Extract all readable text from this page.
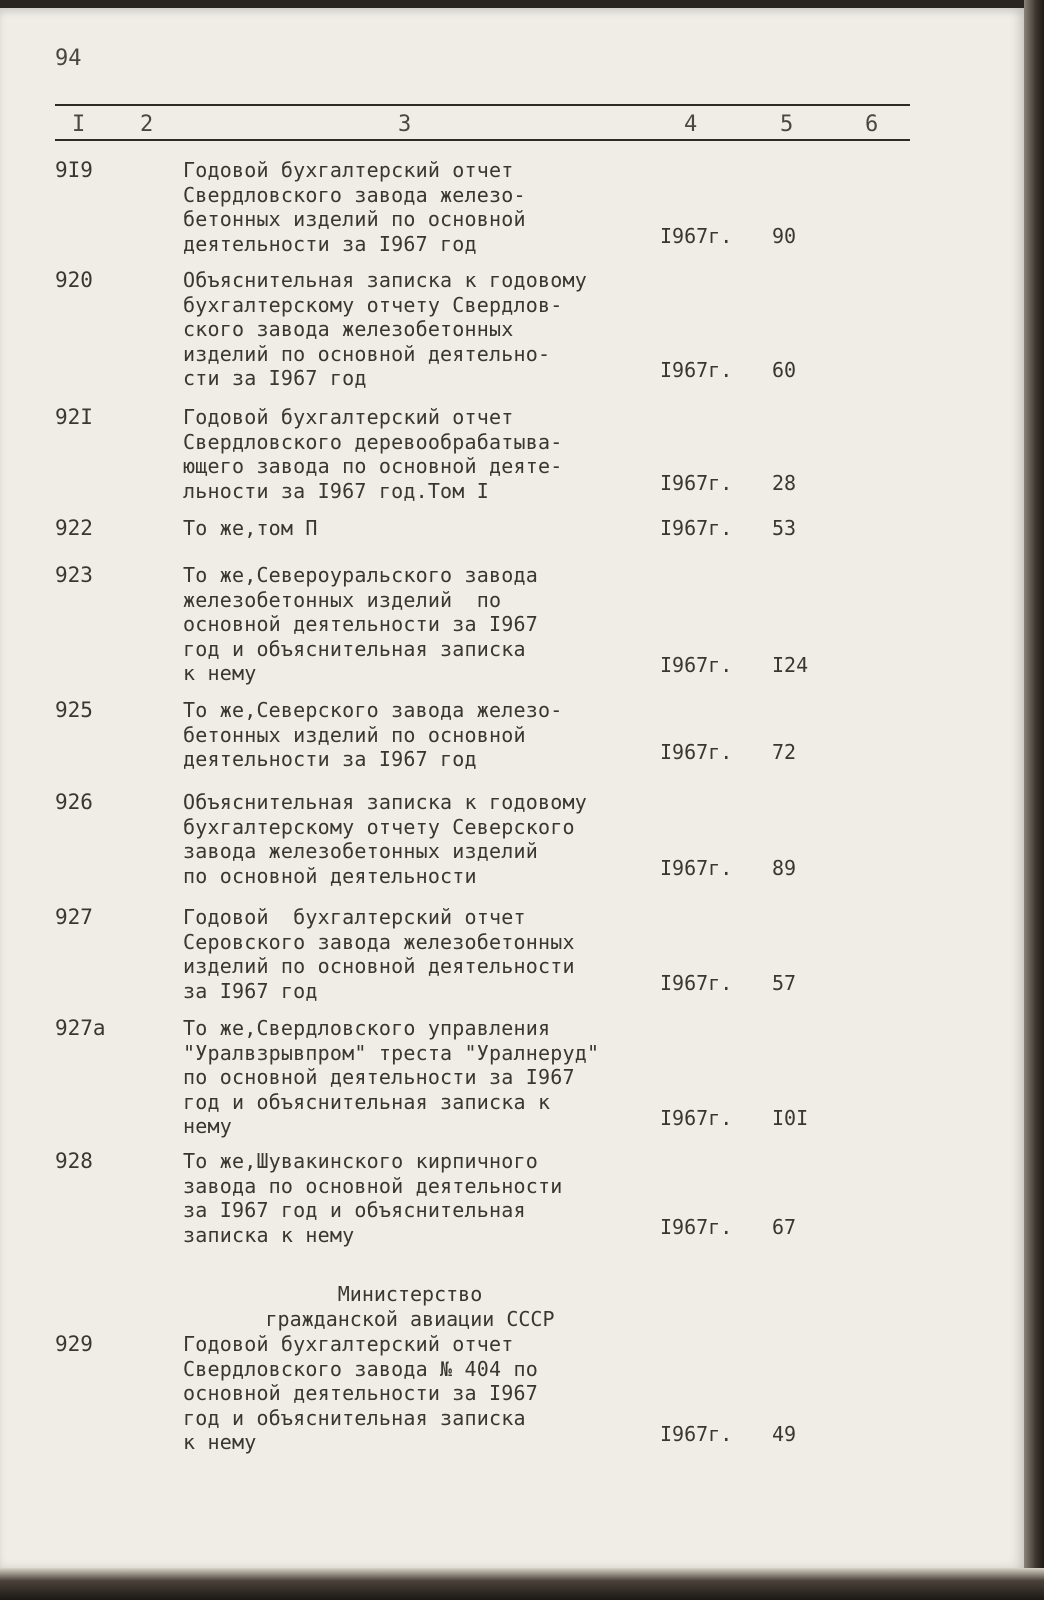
94
I 2	3	4	5	6
9I9	Годовой бухгалтерский отчет
Свердловского завода железо-
бетонных изделий по основной
деятельности за I967 год	I967г. 90
920	Объяснительная записка к годовому
бухгалтерскому отчету Свердлов-
ского завода железобетонных
изделий по основной деятельно-
сти за I967 год	I967г. 60
92I	Годовой бухгалтерский отчет
Свердловского деревообрабатыва-
ющего завода по основной деяте-
льности за I967 год.Том I	I967г. 28
922	То же,том П	I967г. 53
923	То же,Североуральского завода
железобетонных изделий  по
основной деятельности за I967
год и объяснительная записка
к нему	I967г. I24
925	То же,Северского завода железо-
бетонных изделий по основной
деятельности за I967 год	I967г. 72
926	Объяснительная записка к годовому
бухгалтерскому отчету Северского
завода железобетонных изделий
по основной деятельности	I967г. 89
927	Годовой  бухгалтерский отчет
Серовского завода железобетонных
изделий по основной деятельности
за I967 год	I967г. 57
927а	То же,Свердловского управления
"Уралвзрывпром" треста "Уралнеруд"
по основной деятельности за I967
год и объяснительная записка к
нему	I967г. I0I
928	То же,Шувакинского кирпичного
завода по основной деятельности
за I967 год и объяснительная
записка к нему	I967г. 67
Министерство
гражданской авиации СССР
929	Годовой бухгалтерский отчет
Свердловского завода № 404 по
основной деятельности за I967
год и объяснительная записка
к нему	I967г. 49
